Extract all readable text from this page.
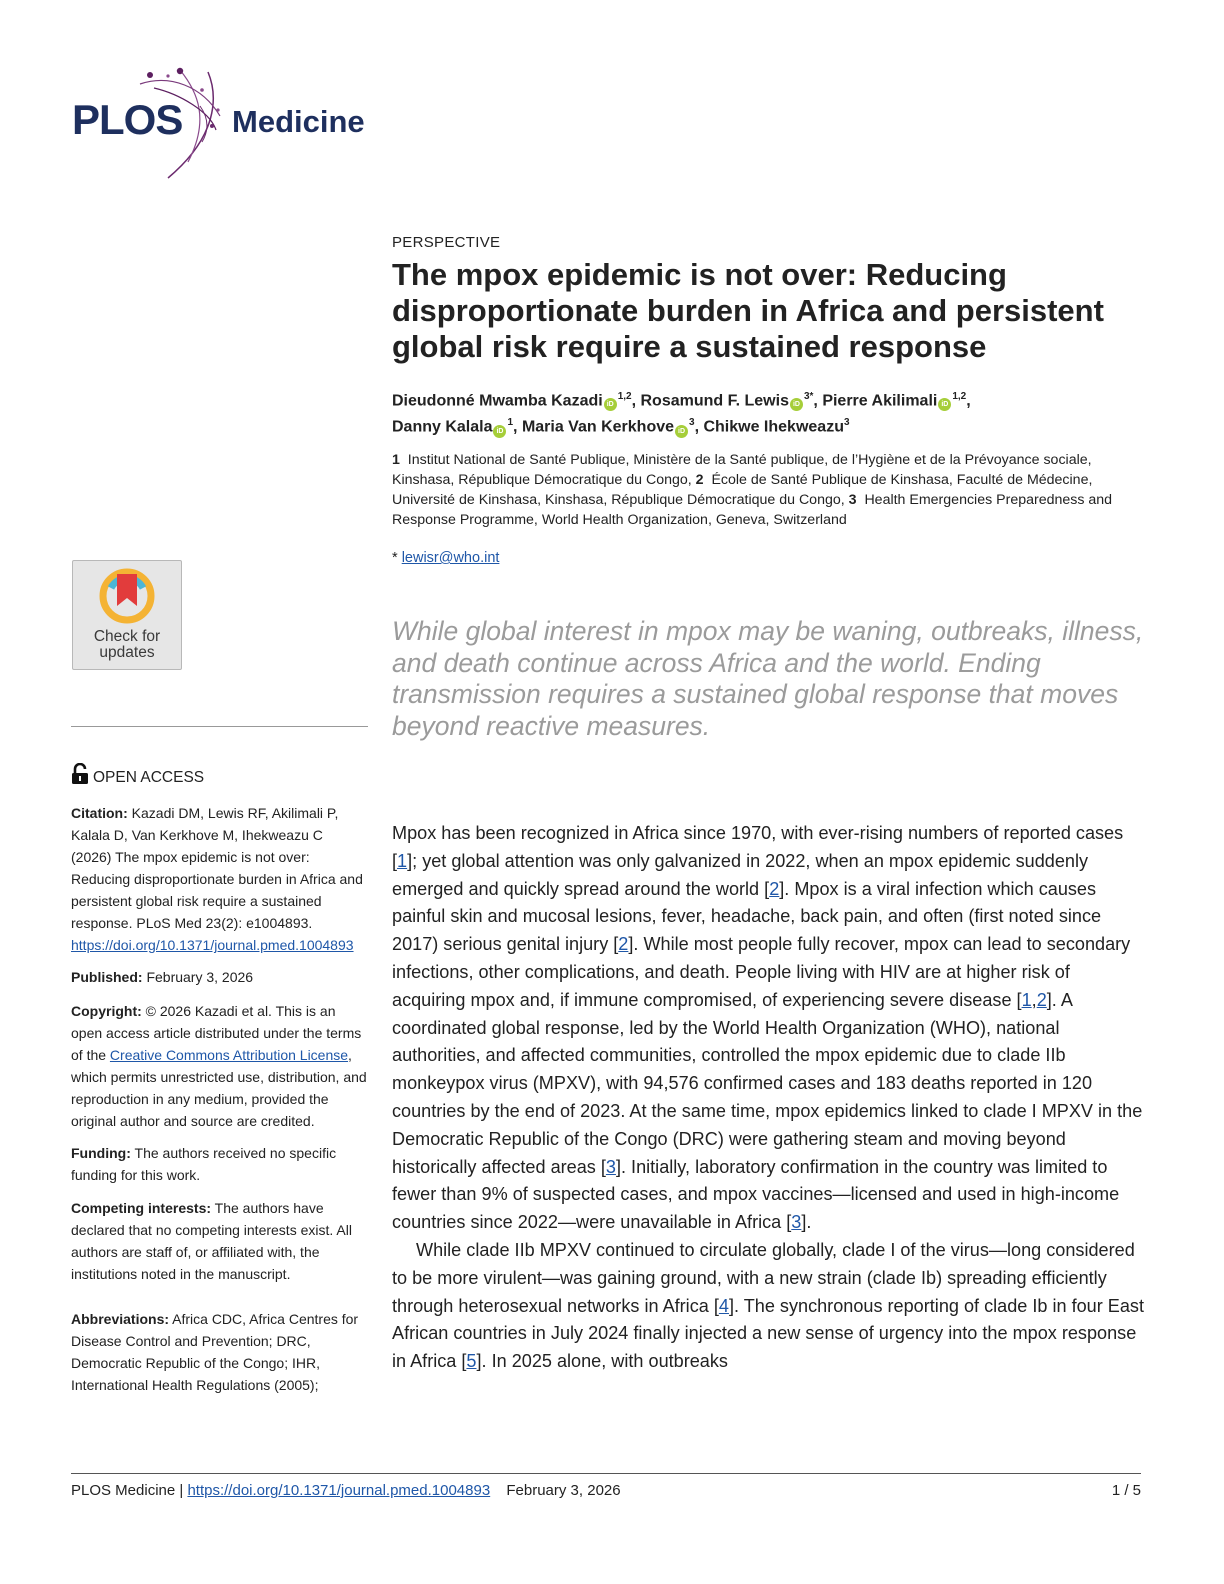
PLOS Medicine
PERSPECTIVE
The mpox epidemic is not over: Reducing disproportionate burden in Africa and persistent global risk require a sustained response
Dieudonné Mwamba Kazadi iD$^{1,2}$, Rosamund F. Lewis $iD^{3*}$, Pierre Akilimali iD$^{1,2}$,
Danny Kalala $iD^1$, Maria Van Kerkhove $iD^3$, Chikwe Ihekweazu$^3$
1 Institut National de Santé Publique, Ministère de la Santé publique, de l’Hygiène et de la Prévoyance sociale, Kinshasa, République Démocratique du Congo, 2 École de Santé Publique de Kinshasa, Faculté de Médecine, Université de Kinshasa, Kinshasa, République Démocratique du Congo, 3 Health Emergencies Preparedness and Response Programme, World Health Organization, Geneva, Switzerland
* lewisr@who.int
While global interest in mpox may be waning, outbreaks, illness, and death continue across Africa and the world. Ending transmission requires a sustained global response that moves beyond reactive measures.

Mpox has been recognized in Africa since 1970, with ever-rising numbers of reported cases [1]; yet global attention was only galvanized in 2022, when an mpox epidemic suddenly emerged and quickly spread around the world [2]. Mpox is a viral infection which causes painful skin and mucosal lesions, fever, headache, back pain, and often (first noted since 2017) serious genital injury [2]. While most people fully recover, mpox can lead to secondary infections, other complications, and death. People living with HIV are at higher risk of acquiring mpox and, if immune compromised, of experiencing severe disease [1,2]. A coordinated global response, led by the World Health Organization (WHO), national authorities, and affected communities, controlled the mpox epidemic due to clade IIb monkeypox virus (MPXV), with 94,576 confirmed cases and 183 deaths reported in 120 countries by the end of 2023. At the same time, mpox epidemics linked to clade I MPXV in the Democratic Republic of the Congo (DRC) were gathering steam and moving beyond historically affected areas [3]. Initially, laboratory confirmation in the country was limited to fewer than 9% of suspected cases, and mpox vaccines—licensed and used in high-income countries since 2022—were unavailable in Africa [3].

While clade IIb MPXV continued to circulate globally, clade I of the virus—long considered to be more virulent—was gaining ground, with a new strain (clade Ib) spreading efficiently through heterosexual networks in Africa [4]. The synchronous reporting of clade Ib in four East African countries in July 2024 finally injected a new sense of urgency into the mpox response in Africa [5]. In 2025 alone, with outbreaks

Check for updates
OPEN ACCESS
Citation: Kazadi DM, Lewis RF, Akilimali P, Kalala D, Van Kerkhove M, Ihekweazu C (2026) The mpox epidemic is not over: Reducing disproportionate burden in Africa and persistent global risk require a sustained response. PLoS Med 23(2): e1004893. https://doi.org/10.1371/journal.pmed.1004893
Published: February 3, 2026
Copyright: © 2026 Kazadi et al. This is an open access article distributed under the terms of the Creative Commons Attribution License, which permits unrestricted use, distribution, and reproduction in any medium, provided the original author and source are credited.
Funding: The authors received no specific funding for this work.
Competing interests: The authors have declared that no competing interests exist. All authors are staff of, or affiliated with, the institutions noted in the manuscript.
Abbreviations: Africa CDC, Africa Centres for Disease Control and Prevention; DRC, Democratic Republic of the Congo; IHR, International Health Regulations (2005);
PLOS Medicine | https://doi.org/10.1371/journal.pmed.1004893 February 3, 2026	1 / 5
